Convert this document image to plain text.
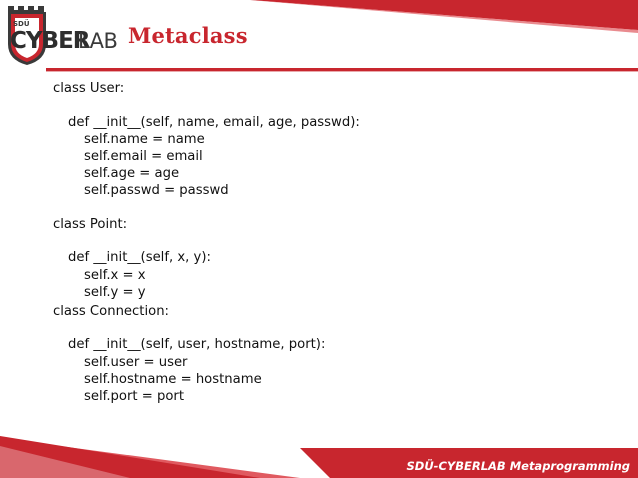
SDÜ
CYBER
LAB Metaclass
class User:
def __init__(self, name, email, age, passwd):
self.name = name
self.email = email
self.age = age
self.passwd = passwd
class Point:
def __init__(self, x, y):
self.x = x
self.y = y
class Connection:
def __init__(self, user, hostname, port):
self.user = user
self.hostname = hostname
self.port = port
SDÜ-CYBERLAB Metaprogramming
